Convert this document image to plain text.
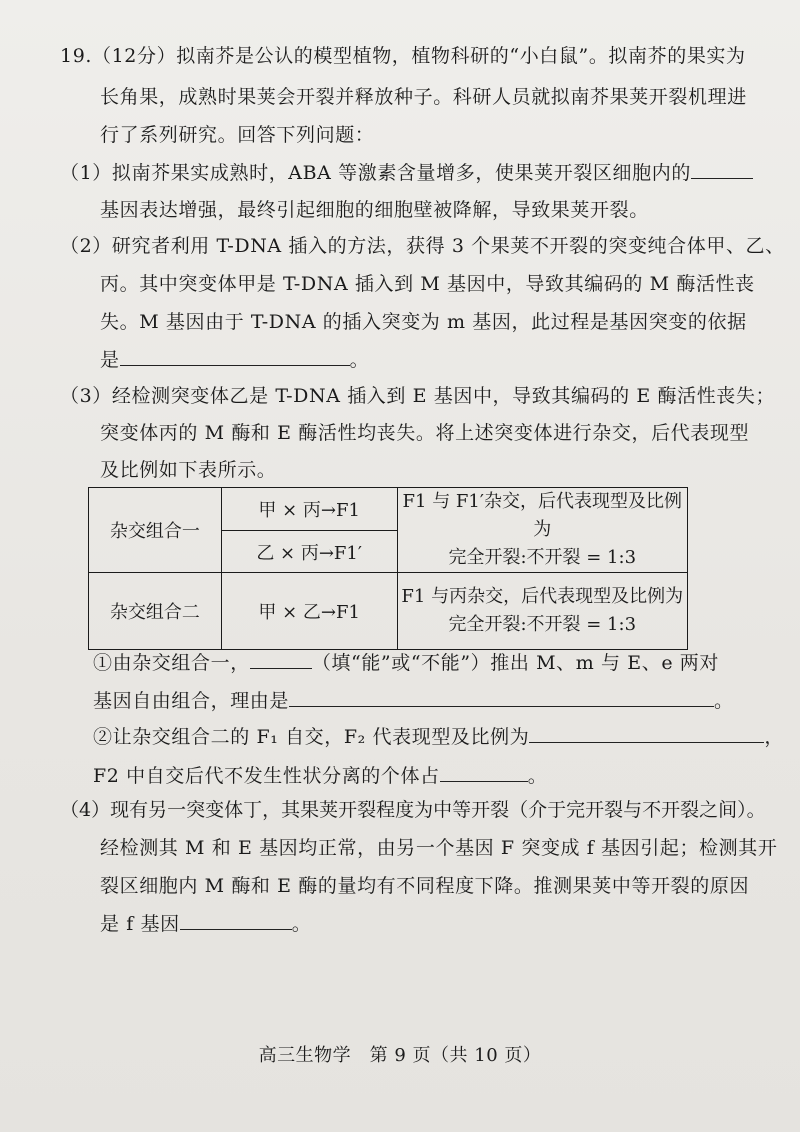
19.（12分）拟南芥是公认的模型植物，植物科研的“小白鼠”。拟南芥的果实为
长角果，成熟时果荚会开裂并释放种子。科研人员就拟南芥果荚开裂机理进
行了系列研究。回答下列问题：
（1）拟南芥果实成熟时，ABA 等激素含量增多，使果荚开裂区细胞内的
基因表达增强，最终引起细胞的细胞壁被降解，导致果荚开裂。
（2）研究者利用 T-DNA 插入的方法，获得 3 个果荚不开裂的突变纯合体甲、乙、
丙。其中突变体甲是 T-DNA 插入到 M 基因中，导致其编码的 M 酶活性丧
失。M 基因由于 T-DNA 的插入突变为 m 基因，此过程是基因突变的依据
是	。
（3）经检测突变体乙是 T-DNA 插入到 E 基因中，导致其编码的 E 酶活性丧失；
突变体丙的 M 酶和 E 酶活性均丧失。将上述突变体进行杂交，后代表现型
及比例如下表所示。
杂交组合一	甲 × 丙→F1	F1 与 F1′杂交，后代表现型及比例为
完全开裂:不开裂 = 1:3

	乙 × 丙→F1′	
杂交组合二	甲 × 乙→F1	F1 与丙杂交，后代表现型及比例为
完全开裂:不开裂 = 1:3
①由杂交组合一，	（填“能”或“不能”）推出 M、m 与 E、e 两对
基因自由组合，理由是	。
②让杂交组合二的 F₁ 自交，F₂ 代表现型及比例为	，
F2 中自交后代不发生性状分离的个体占	。
（4）现有另一突变体丁，其果荚开裂程度为中等开裂（介于完开裂与不开裂之间）。
经检测其 M 和 E 基因均正常，由另一个基因 F 突变成 f 基因引起；检测其开
裂区细胞内 M 酶和 E 酶的量均有不同程度下降。推测果荚中等开裂的原因
是 f 基因	。
高三生物学　第 9 页（共 10 页）
